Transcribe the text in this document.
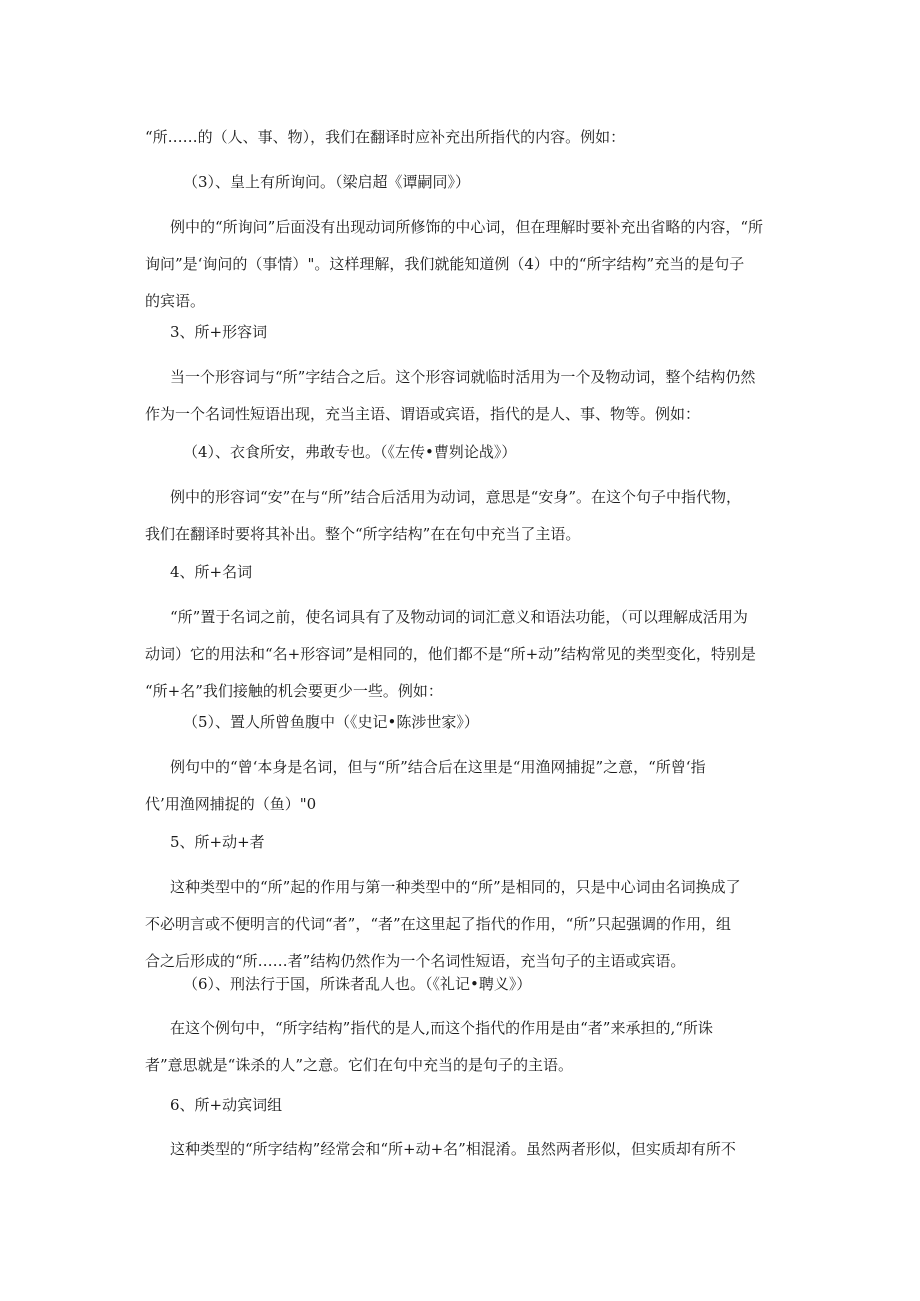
“所……的（人、事、物），我们在翻译时应补充出所指代的内容。例如：
（3）、皇上有所询问。（梁启超《谭嗣同》）
例中的“所询问”后面没有出现动词所修饰的中心词，但在理解时要补充出省略的内容，“所
询问”是‘询问的（事情）"。这样理解，我们就能知道例（4）中的“所字结构”充当的是句子
的宾语。
3、所+形容词
当一个形容词与“所”字结合之后。这个形容词就临时活用为一个及物动词，整个结构仍然
作为一个名词性短语出现，充当主语、谓语或宾语，指代的是人、事、物等。例如：
（4）、衣食所安，弗敢专也。（《左传•曹刿论战》）
例中的形容词“安”在与“所”结合后活用为动词，意思是“安身”。在这个句子中指代物，
我们在翻译时要将其补出。整个“所字结构”在在句中充当了主语。
4、所+名词
“所”置于名词之前，使名词具有了及物动词的词汇意义和语法功能，（可以理解成活用为
动词）它的用法和“名+形容词”是相同的，他们都不是“所+动”结构常见的类型变化，特别是
“所+名”我们接触的机会要更少一些。例如：
（5）、置人所曾鱼腹中（《史记•陈涉世家》）
例句中的“曾‘本身是名词，但与“所”结合后在这里是“用渔网捕捉”之意，“所曾‘指
代’用渔网捕捉的（鱼）"0
5、所+动+者
这种类型中的“所”起的作用与第一种类型中的“所”是相同的，只是中心词由名词换成了
不必明言或不便明言的代词“者”，“者”在这里起了指代的作用，“所”只起强调的作用，组
合之后形成的“所……者”结构仍然作为一个名词性短语，充当句子的主语或宾语。
（6）、刑法行于国，所诛者乱人也。（《礼记•聘义》）
在这个例句中，“所字结构”指代的是人,而这个指代的作用是由“者”来承担的,“所诛
者”意思就是“诛杀的人”之意。它们在句中充当的是句子的主语。
6、所+动宾词组
这种类型的“所字结构”经常会和“所+动+名”相混淆。虽然两者形似，但实质却有所不
